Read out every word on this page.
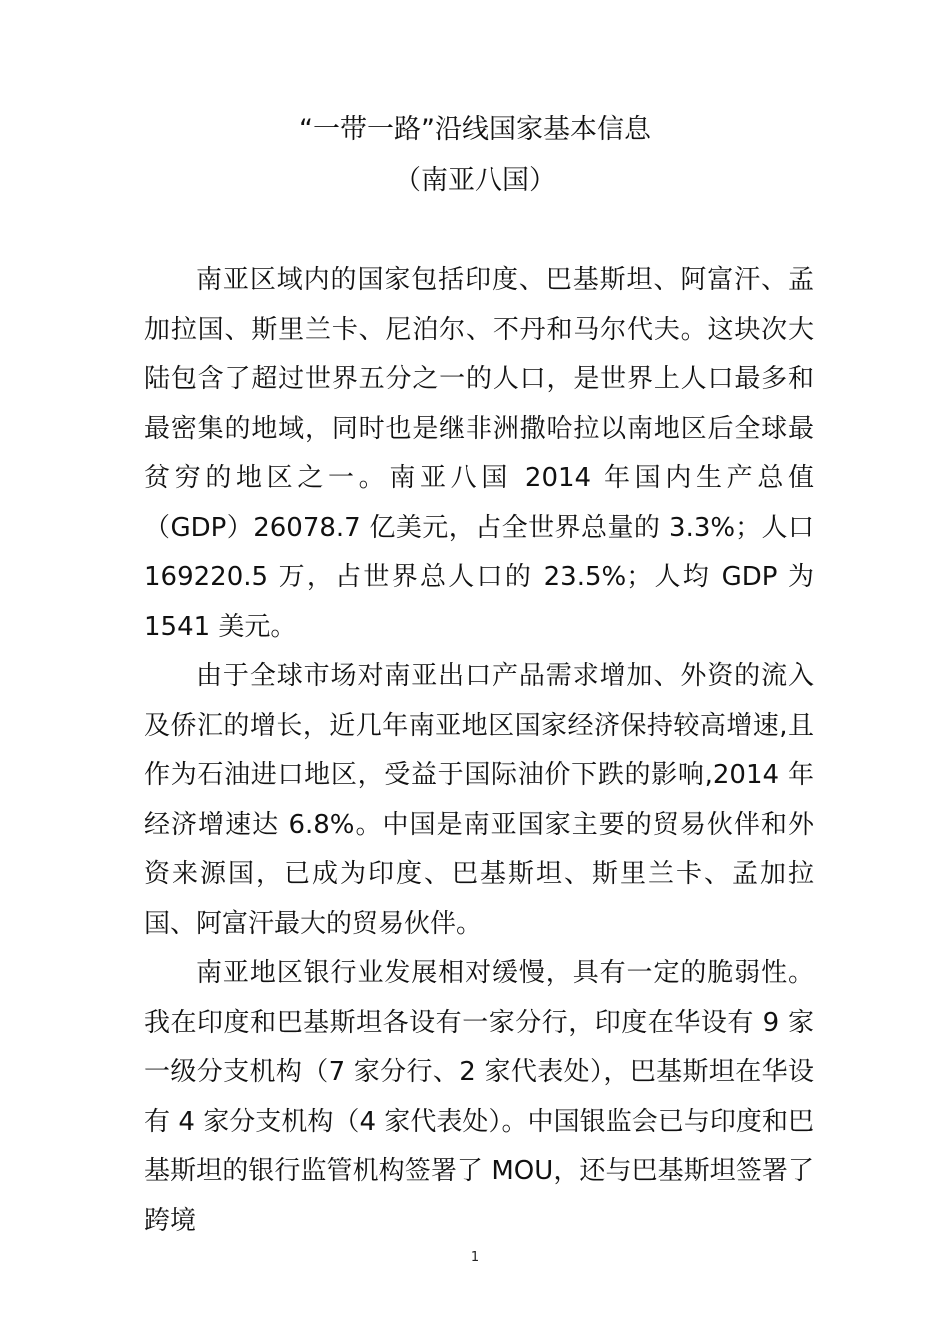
“一带一路”沿线国家基本信息
（南亚八国）

南亚区域内的国家包括印度、巴基斯坦、阿富汗、孟加拉国、斯里兰卡、尼泊尔、不丹和马尔代夫。这块次大陆包含了超过世界五分之一的人口，是世界上人口最多和最密集的地域，同时也是继非洲撒哈拉以南地区后全球最贫穷的地区之一。南亚八国 2014 年国内生产总值（GDP）26078.7 亿美元，占全世界总量的 3.3%；人口 169220.5 万，占世界总人口的 23.5%；人均 GDP 为 1541 美元。

由于全球市场对南亚出口产品需求增加、外资的流入及侨汇的增长，近几年南亚地区国家经济保持较高增速,且作为石油进口地区，受益于国际油价下跌的影响,2014 年经济增速达 6.8%。中国是南亚国家主要的贸易伙伴和外资来源国，已成为印度、巴基斯坦、斯里兰卡、孟加拉国、阿富汗最大的贸易伙伴。

南亚地区银行业发展相对缓慢，具有一定的脆弱性。我在印度和巴基斯坦各设有一家分行，印度在华设有 9 家一级分支机构（7 家分行、2 家代表处），巴基斯坦在华设有 4 家分支机构（4 家代表处）。中国银监会已与印度和巴基斯坦的银行监管机构签署了 MOU，还与巴基斯坦签署了跨境

1
